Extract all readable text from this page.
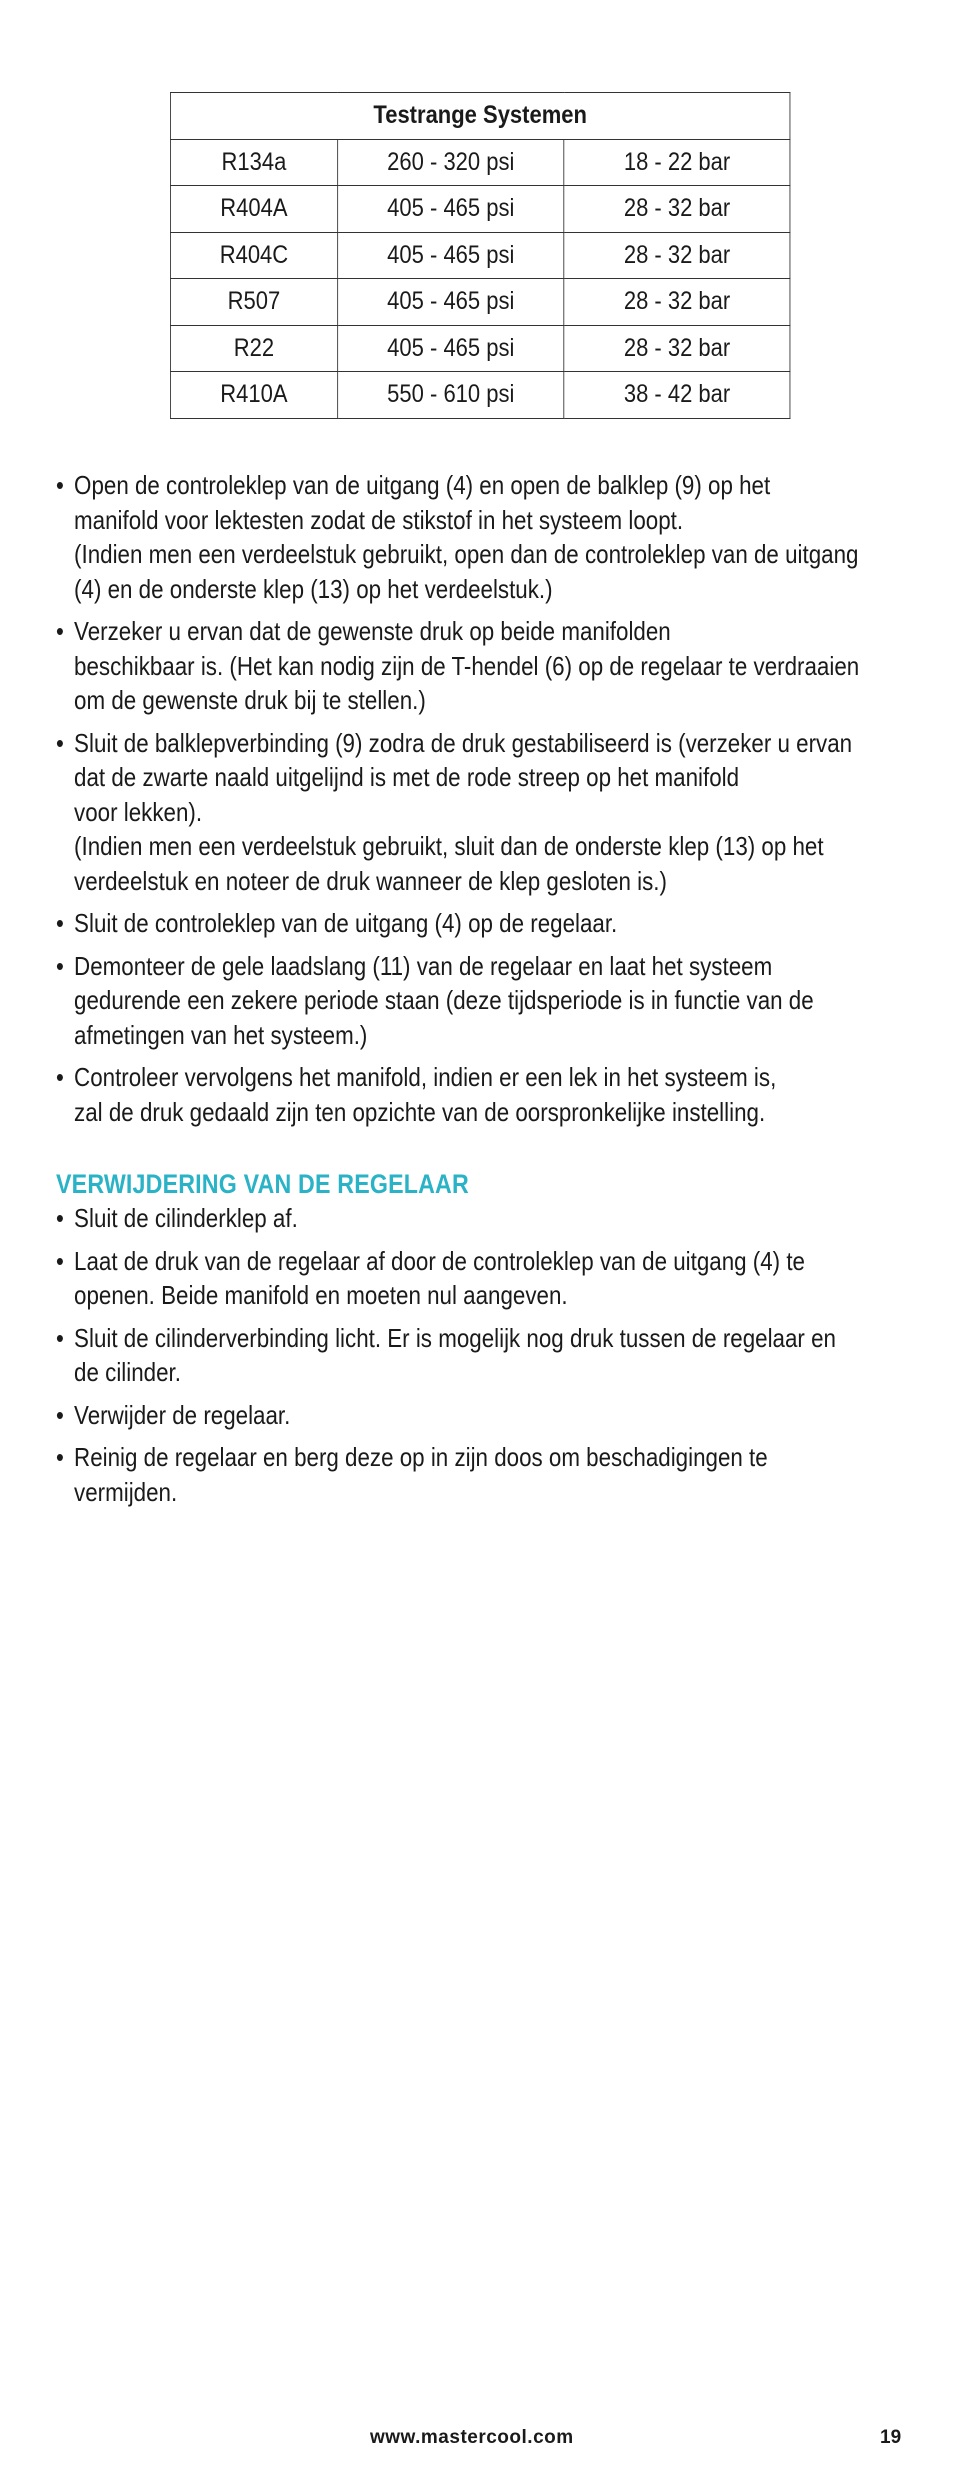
Testrange Systemen		
R134a	260 - 320 psi	18 - 22 bar
R404A	405 - 465 psi	28 - 32 bar
R404C	405 - 465 psi	28 - 32 bar
R507	405 - 465 psi	28 - 32 bar
R22	405 - 465 psi	28 - 32 bar
R410A	550 - 610 psi	38 - 42 bar
• Open de controleklep van de uitgang (4) en open de balklep (9) op het
manifold voor lektesten zodat de stikstof in het systeem loopt.
(Indien men een verdeelstuk gebruikt, open dan de controleklep van de uitgang
(4) en de onderste klep (13) op het verdeelstuk.)
• Verzeker u ervan dat de gewenste druk op beide manifolden
beschikbaar is. (Het kan nodig zijn de T-hendel (6) op de regelaar te verdraaien
om de gewenste druk bij te stellen.)
• Sluit de balklepverbinding (9) zodra de druk gestabiliseerd is (verzeker u ervan
dat de zwarte naald uitgelijnd is met de rode streep op het manifold
voor lekken).
(Indien men een verdeelstuk gebruikt, sluit dan de onderste klep (13) op het
verdeelstuk en noteer de druk wanneer de klep gesloten is.)
• Sluit de controleklep van de uitgang (4) op de regelaar.
• Demonteer de gele laadslang (11) van de regelaar en laat het systeem
gedurende een zekere periode staan (deze tijdsperiode is in functie van de
afmetingen van het systeem.)
• Controleer vervolgens het manifold, indien er een lek in het systeem is,
zal de druk gedaald zijn ten opzichte van de oorspronkelijke instelling.
VERWIJDERING VAN DE REGELAAR
• Sluit de cilinderklep af.
• Laat de druk van de regelaar af door de controleklep van de uitgang (4) te
openen. Beide manifold en moeten nul aangeven.
• Sluit de cilinderverbinding licht. Er is mogelijk nog druk tussen de regelaar en
de cilinder.
• Verwijder de regelaar.
• Reinig de regelaar en berg deze op in zijn doos om beschadigingen te
vermijden.
www.mastercool.com	19
